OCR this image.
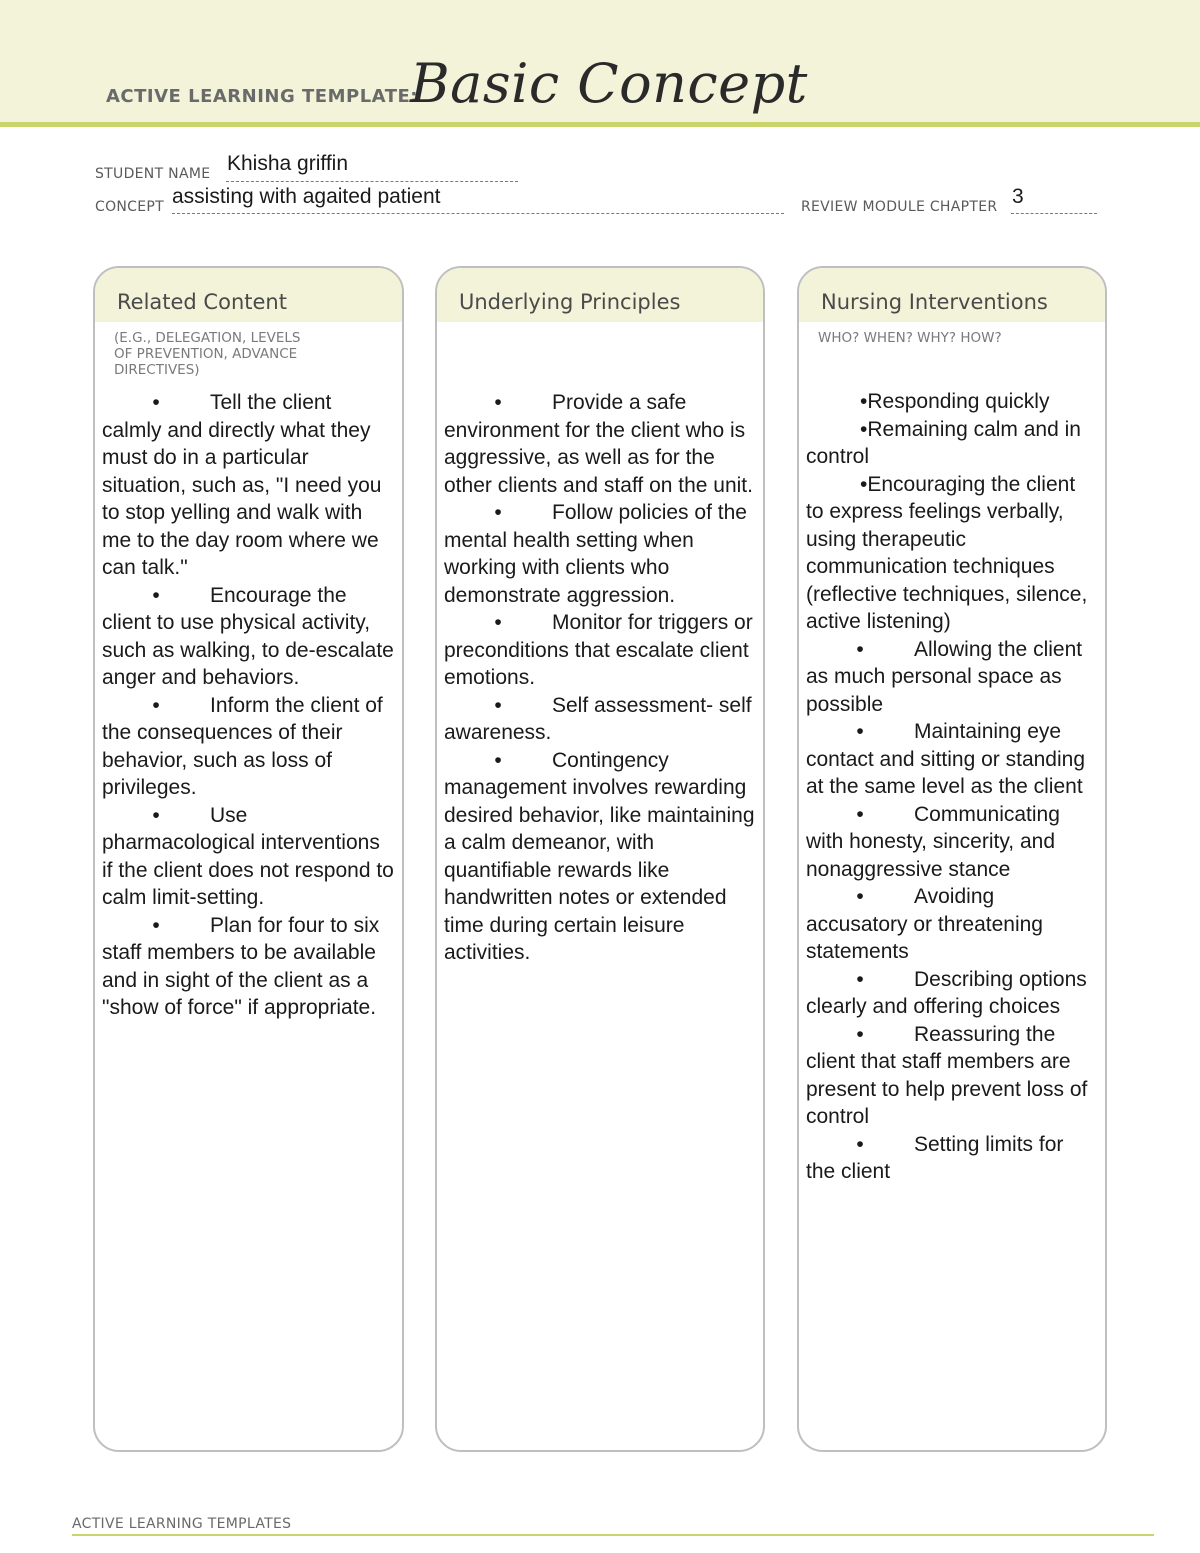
ACTIVE LEARNING TEMPLATE:
Basic Concept
STUDENT NAME Khisha griffin
CONCEPT assisting with agaited patient	REVIEW MODULE CHAPTER 3
Related Content
(E.G., DELEGATION, LEVELS OF PREVENTION, ADVANCE DIRECTIVES)

• Tell the client calmly and directly what they must do in a particular situation, such as, "I need you to stop yelling and walk with me to the day room where we can talk."

• Encourage the client to use physical activity, such as walking, to de-escalate anger and behaviors.

• Inform the client of the consequences of their behavior, such as loss of privileges.

• Use pharmacological interventions if the client does not respond to calm limit-setting.

• Plan for four to six staff members to be available and in sight of the client as a "show of force" if appropriate.

Underlying Principles

• Provide a safe environment for the client who is aggressive, as well as for the other clients and staff on the unit.

• Follow policies of the mental health setting when working with clients who demonstrate aggression.

• Monitor for triggers or preconditions that escalate client emotions.

• Self assessment- self awareness.

• Contingency management involves rewarding desired behavior, like maintaining a calm demeanor, with quantifiable rewards like handwritten notes or extended time during certain leisure activities.

Nursing Interventions
WHO? WHEN? WHY? HOW?

•Responding quickly

•Remaining calm and in control

•Encouraging the client to express feelings verbally, using therapeutic communication techniques (reflective techniques, silence, active listening)

• Allowing the client as much personal space as possible

• Maintaining eye contact and sitting or standing at the same level as the client

• Communicating with honesty, sincerity, and nonaggressive stance

• Avoiding accusatory or threatening statements

• Describing options clearly and offering choices

• Reassuring the client that staff members are present to help prevent loss of control

• Setting limits for the client

ACTIVE LEARNING TEMPLATES
